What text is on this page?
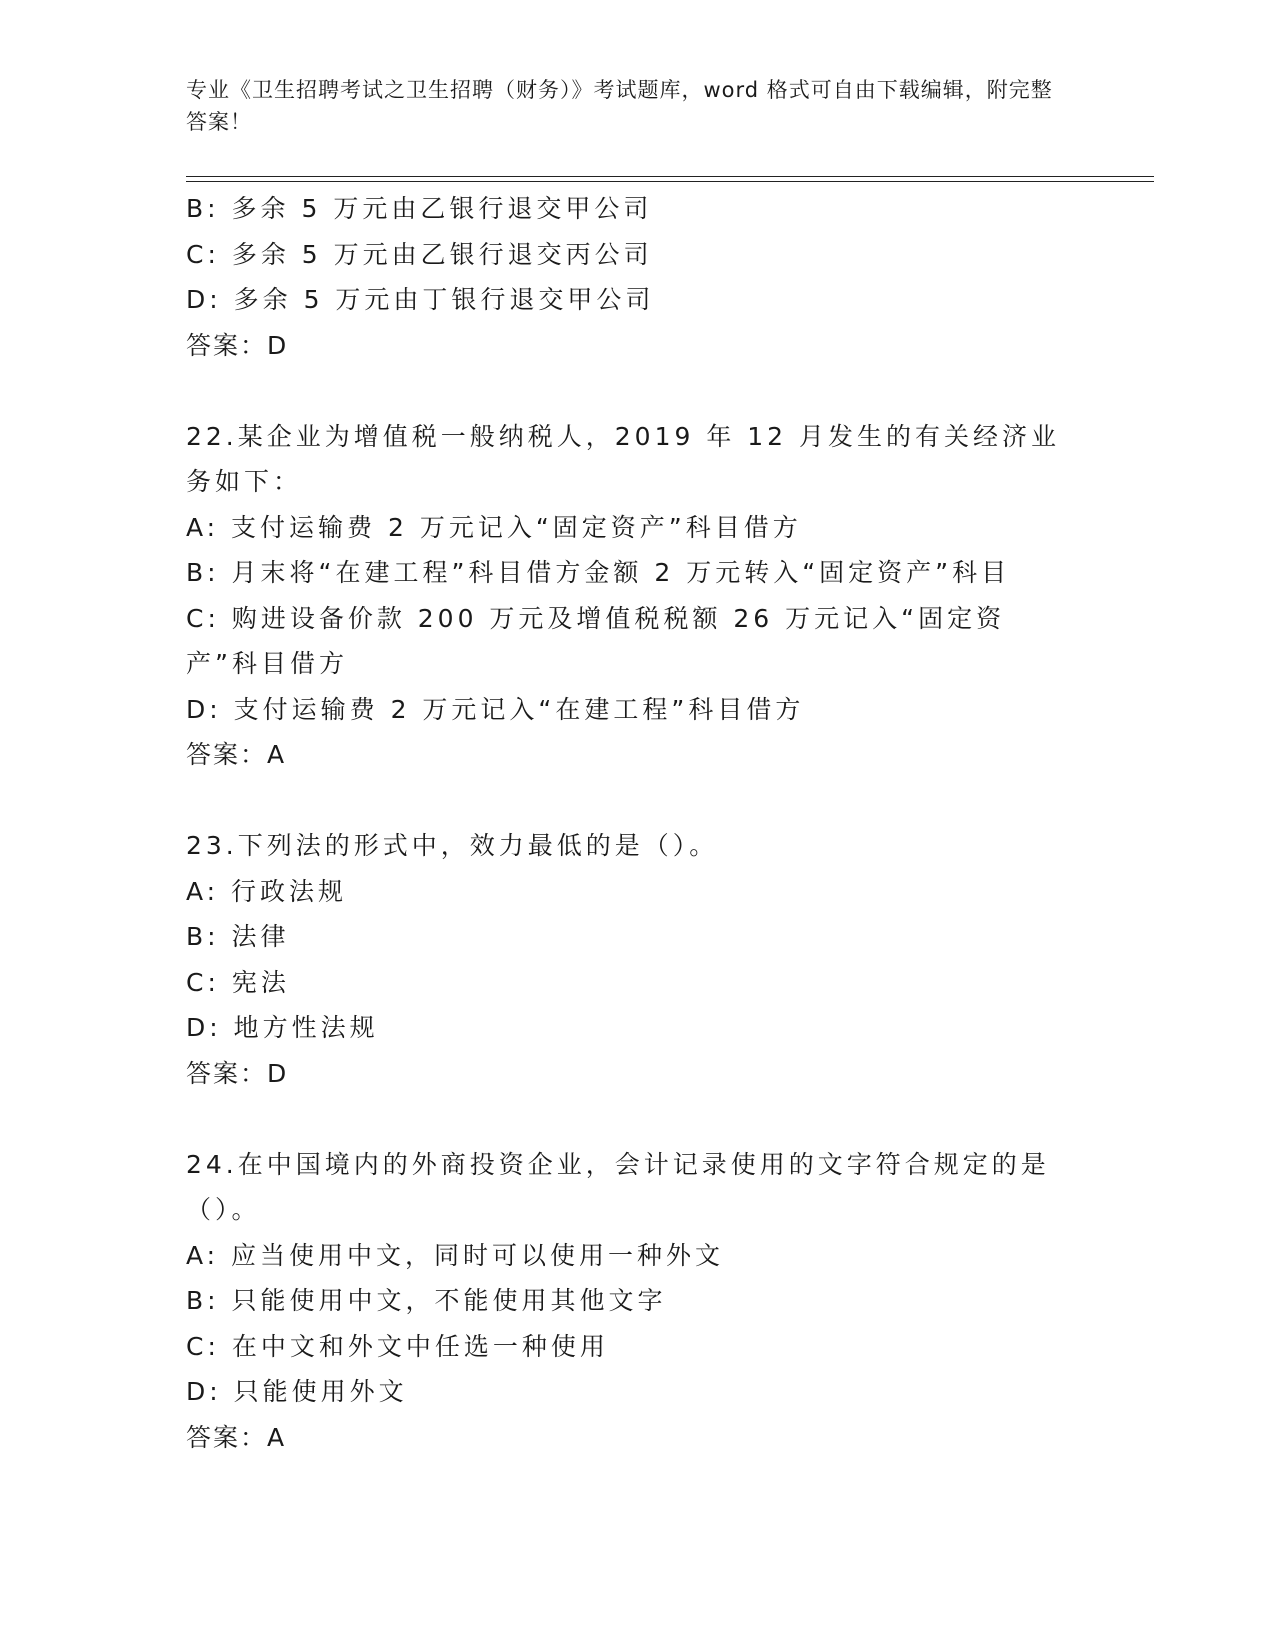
专业《卫生招聘考试之卫生招聘（财务）》考试题库，word 格式可自由下载编辑，附完整答案！

B: 多余 5 万元由乙银行退交甲公司

C: 多余 5 万元由乙银行退交丙公司

D: 多余 5 万元由丁银行退交甲公司

答案：D

22.某企业为增值税一般纳税人，2019 年 12 月发生的有关经济业务如下：

A: 支付运输费 2 万元记入“固定资产”科目借方

B: 月末将“在建工程”科目借方金额 2 万元转入“固定资产”科目

C: 购进设备价款 200 万元及增值税税额 26 万元记入“固定资产”科目借方

D: 支付运输费 2 万元记入“在建工程”科目借方

答案：A

23.下列法的形式中，效力最低的是（）。

A: 行政法规

B: 法律

C: 宪法

D: 地方性法规

答案：D

24.在中国境内的外商投资企业，会计记录使用的文字符合规定的是（）。

A: 应当使用中文，同时可以使用一种外文

B: 只能使用中文，不能使用其他文字

C: 在中文和外文中任选一种使用

D: 只能使用外文

答案：A
